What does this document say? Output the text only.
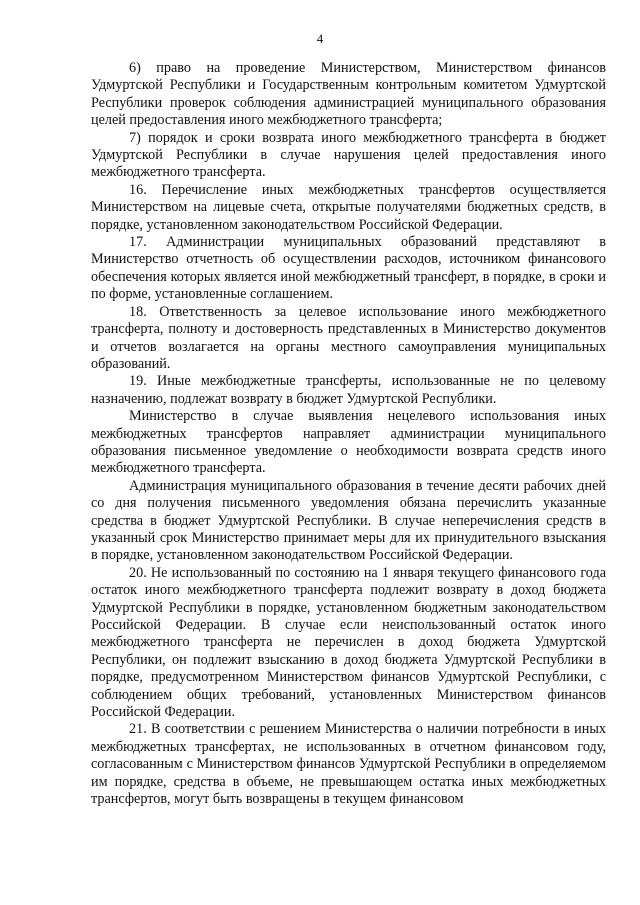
4

6) право на проведение Министерством, Министерством финансов Удмуртской Республики и Государственным контрольным комитетом Удмуртской Республики проверок соблюдения администрацией муниципального образования целей предоставления иного межбюджетного трансферта;

7) порядок и сроки возврата иного межбюджетного трансферта в бюджет Удмуртской Республики в случае нарушения целей предоставления иного межбюджетного трансферта.

16. Перечисление иных межбюджетных трансфертов осуществляется Министерством на лицевые счета, открытые получателями бюджетных средств, в порядке, установленном законодательством Российской Федерации.

17. Администрации муниципальных образований представляют в Министерство отчетность об осуществлении расходов, источником финансового обеспечения которых является иной межбюджетный трансферт, в порядке, в сроки и по форме, установленные соглашением.

18. Ответственность за целевое использование иного межбюджетного трансферта, полноту и достоверность представленных в Министерство документов и отчетов возлагается на органы местного самоуправления муниципальных образований.

19. Иные межбюджетные трансферты, использованные не по целевому назначению, подлежат возврату в бюджет Удмуртской Республики.

Министерство в случае выявления нецелевого использования иных межбюджетных трансфертов направляет администрации муниципального образования письменное уведомление о необходимости возврата средств иного межбюджетного трансферта.

Администрация муниципального образования в течение десяти рабочих дней со дня получения письменного уведомления обязана перечислить указанные средства в бюджет Удмуртской Республики. В случае неперечисления средств в указанный срок Министерство принимает меры для их принудительного взыскания в порядке, установленном законодательством Российской Федерации.

20. Не использованный по состоянию на 1 января текущего финансового года остаток иного межбюджетного трансферта подлежит возврату в доход бюджета Удмуртской Республики в порядке, установленном бюджетным законодательством Российской Федерации. В случае если неиспользованный остаток иного межбюджетного трансферта не перечислен в доход бюджета Удмуртской Республики, он подлежит взысканию в доход бюджета Удмуртской Республики в порядке, предусмотренном Министерством финансов Удмуртской Республики, с соблюдением общих требований, установленных Министерством финансов Российской Федерации.

21. В соответствии с решением Министерства о наличии потребности в иных межбюджетных трансфертах, не использованных в отчетном финансовом году, согласованным с Министерством финансов Удмуртской Республики в определяемом им порядке, средства в объеме, не превышающем остатка иных межбюджетных трансфертов, могут быть возвращены в текущем финансовом
